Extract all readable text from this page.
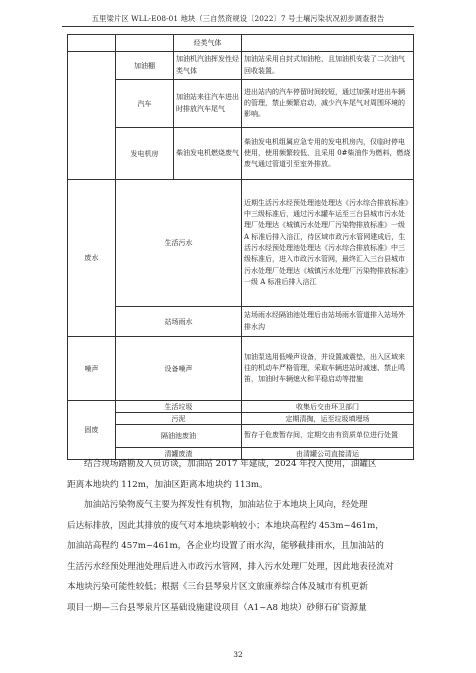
五里梁片区 WLL-E08-01 地块（三自然资规设〔2022〕7 号土壤污染状况初步调查报告
		烃类气体	
	加油棚	加油机汽油挥发性烃类气体	加油站采用自封式加油枪，且加油机安装了二次油气回收装置。
	汽车	加油站来往汽车进出时排放汽车尾气	进出站内的汽车停留时间较短，通过加强对进出车辆的管理，禁止频繁启动，减少汽车尾气对周围环境的影响。
	发电机房	柴油发电机燃烧废气	柴油发电机组属应急专用的发电机房内，仅临时停电使用，使用频繁较低，且采用 0#柴油作为燃料，燃烧废气通过管道引至室外排放。
废水	生活污水		近期生活污水经预处理池处理达《污水综合排放标准》中三级标准后，通过污水罐车运至三台县城市污水处理厂处理达《城镇污水处理厂污染物排放标准》一级 A 标准后排入涪江，待区域市政污水管网建成后，生活污水经预处理池处理达《污水综合排放标准》中三级标准后，进入市政污水管网，最终汇入三台县城市污水处理厂处理达《城镇污水处理厂污染物排放标准》一级 A 标准后排入涪江
	站场雨水		站场雨水经隔油池处理后由站场雨水管道排入站场外排水沟
噪声	设备噪声		加油泵选用低噪声设备，并设置减震垫，出入区域来往的机动车严格管理，采取车辆进站时减速、禁止鸣笛，加油时车辆熄火和平稳启动等措施
固废	生活垃圾		收集后交由环卫部门
	污泥		定期清掏，运至垃圾填埋场
	隔油池废油		暂存于危废暂存间，定期交由有资质单位进行处置
	清罐废渣		由清罐公司直接清运
结合现场踏勘及人员访谈，加油站 2017 年建成，2024 年投入使用，油罐区
距离本地块约 112m，加油区距离本地块约 113m。
加油站污染物废气主要为挥发性有机物，加油站位于本地块上风向，经处理
后达标排放，因此其排放的废气对本地块影响较小；本地块高程约 453m~461m，
加油站高程约 457m~461m，各企业均设置了雨水沟，能够截排雨水，且加油站的
生活污水经预处理池处理后进入市政污水管网，排入污水处理厂处理，因此地表径流对
本地块污染可能性较低；根据《三台县琴泉片区文旅康养综合体及城市有机更新
项目一期—三台县琴泉片区基础设施建设项目（A1~A8 地块）砂卵石矿资源量
32
